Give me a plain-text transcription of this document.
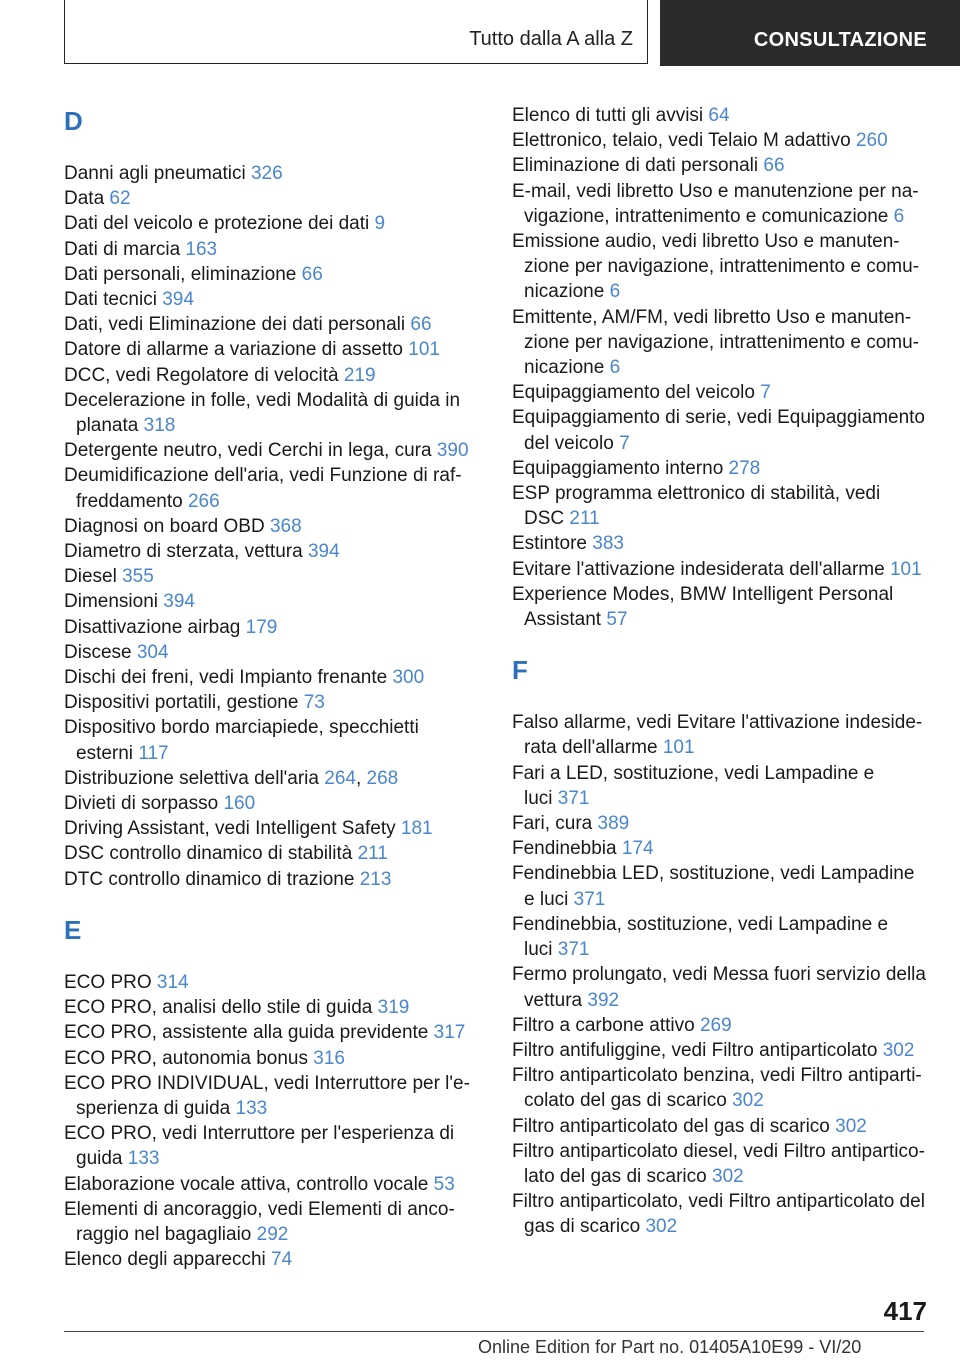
Tutto dalla A alla Z	CONSULTAZIONE
D
Danni agli pneumatici 326
Data 62
Dati del veicolo e protezione dei dati 9
Dati di marcia 163
Dati personali, eliminazione 66
Dati tecnici 394
Dati, vedi Eliminazione dei dati personali 66
Datore di allarme a variazione di assetto 101
DCC, vedi Regolatore di velocità 219
Decelerazione in folle, vedi Modalità di guida in
planata 318
Detergente neutro, vedi Cerchi in lega, cura 390
Deumidificazione dell'aria, vedi Funzione di raf-
freddamento 266
Diagnosi on board OBD 368
Diametro di sterzata, vettura 394
Diesel 355
Dimensioni 394
Disattivazione airbag 179
Discese 304
Dischi dei freni, vedi Impianto frenante 300
Dispositivi portatili, gestione 73
Dispositivo bordo marciapiede, specchietti
esterni 117
Distribuzione selettiva dell'aria 264, 268
Divieti di sorpasso 160
Driving Assistant, vedi Intelligent Safety 181
DSC controllo dinamico di stabilità 211
DTC controllo dinamico di trazione 213
E
ECO PRO 314
ECO PRO, analisi dello stile di guida 319
ECO PRO, assistente alla guida previdente 317
ECO PRO, autonomia bonus 316
ECO PRO INDIVIDUAL, vedi Interruttore per l'e-
sperienza di guida 133
ECO PRO, vedi Interruttore per l'esperienza di
guida 133
Elaborazione vocale attiva, controllo vocale 53
Elementi di ancoraggio, vedi Elementi di anco-
raggio nel bagagliaio 292
Elenco degli apparecchi 74
Elenco di tutti gli avvisi 64
Elettronico, telaio, vedi Telaio M adattivo 260
Eliminazione di dati personali 66
E-mail, vedi libretto Uso e manutenzione per na-
vigazione, intrattenimento e comunicazione 6
Emissione audio, vedi libretto Uso e manuten-
zione per navigazione, intrattenimento e comu-
nicazione 6
Emittente, AM/FM, vedi libretto Uso e manuten-
zione per navigazione, intrattenimento e comu-
nicazione 6
Equipaggiamento del veicolo 7
Equipaggiamento di serie, vedi Equipaggiamento
del veicolo 7
Equipaggiamento interno 278
ESP programma elettronico di stabilità, vedi
DSC 211
Estintore 383
Evitare l'attivazione indesiderata dell'allarme 101
Experience Modes, BMW Intelligent Personal
Assistant 57
F
Falso allarme, vedi Evitare l'attivazione indeside-
rata dell'allarme 101
Fari a LED, sostituzione, vedi Lampadine e
luci 371
Fari, cura 389
Fendinebbia 174
Fendinebbia LED, sostituzione, vedi Lampadine
e luci 371
Fendinebbia, sostituzione, vedi Lampadine e
luci 371
Fermo prolungato, vedi Messa fuori servizio della
vettura 392
Filtro a carbone attivo 269
Filtro antifuliggine, vedi Filtro antiparticolato 302
Filtro antiparticolato benzina, vedi Filtro antiparti-
colato del gas di scarico 302
Filtro antiparticolato del gas di scarico 302
Filtro antiparticolato diesel, vedi Filtro antipartico-
lato del gas di scarico 302
Filtro antiparticolato, vedi Filtro antiparticolato del
gas di scarico 302
417
Online Edition for Part no. 01405A10E99 - VI/20
